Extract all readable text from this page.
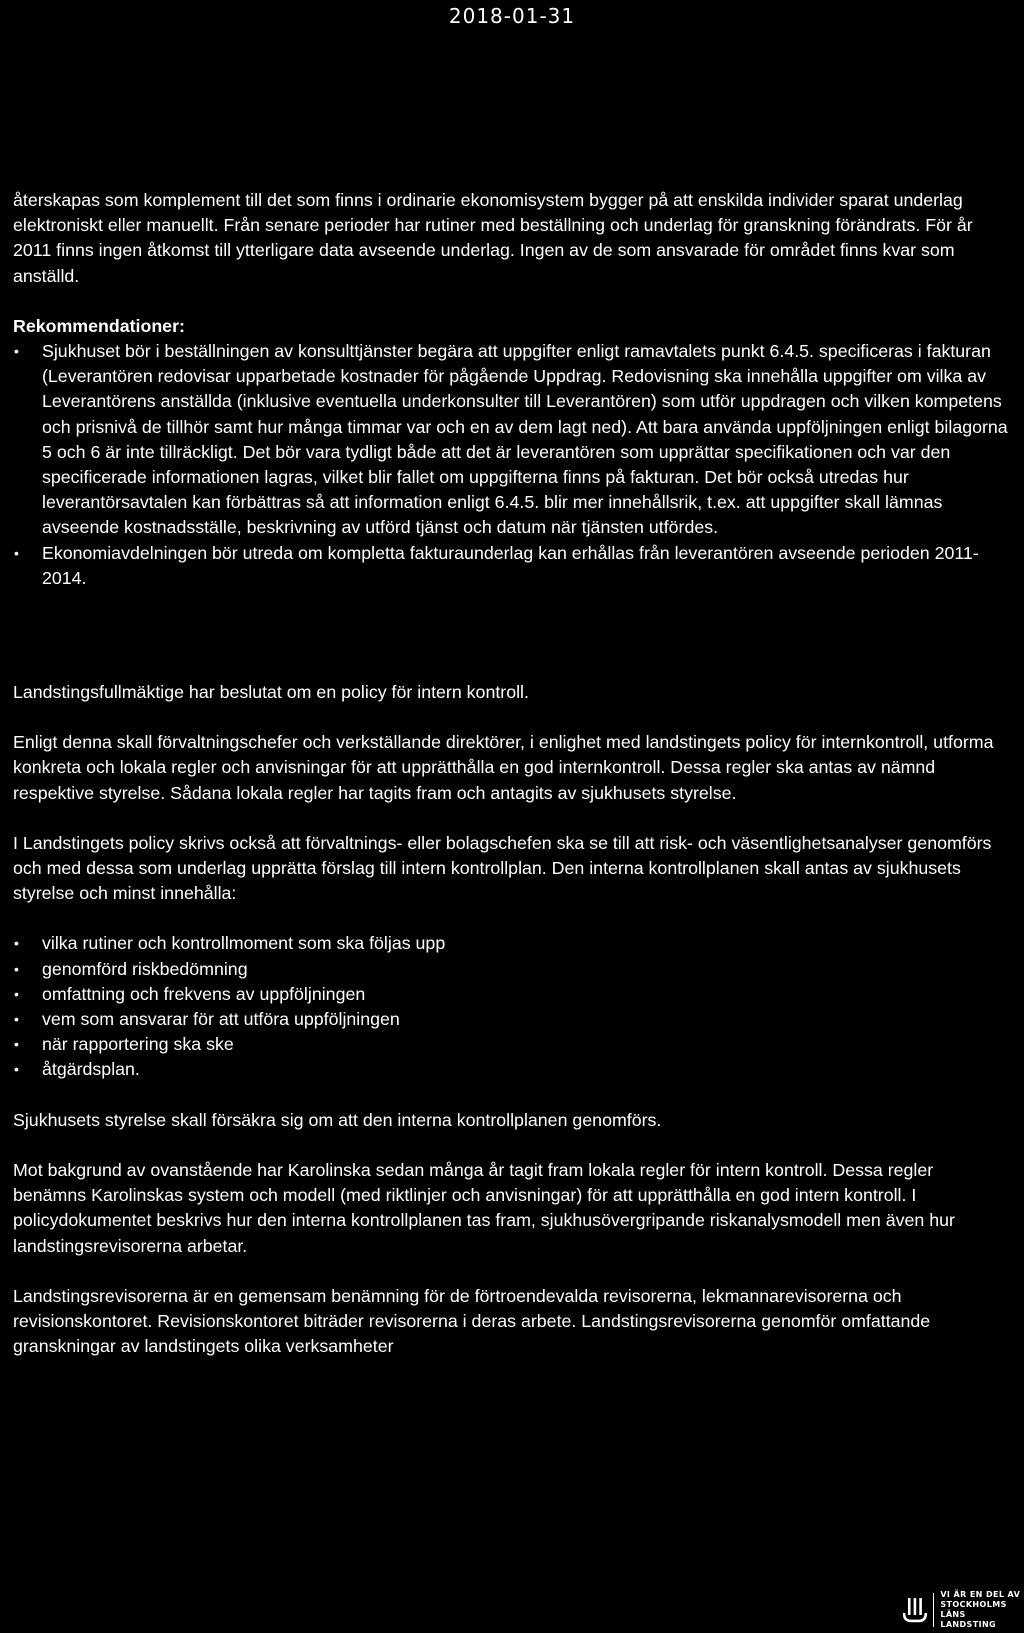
2018-01-31

återskapas som komplement till det som finns i ordinarie ekonomisystem bygger på att enskilda individer sparat underlag elektroniskt eller manuellt. Från senare perioder har rutiner med beställning och underlag för granskning förändrats. För år 2011 finns ingen åtkomst till ytterligare data avseende underlag. Ingen av de som ansvarade för området finns kvar som anställd.

Rekommendationer:

• Sjukhuset bör i beställningen av konsulttjänster begära att uppgifter enligt ramavtalets punkt 6.4.5. specificeras i fakturan (Leverantören redovisar upparbetade kostnader för pågående Uppdrag. Redovisning ska innehålla uppgifter om vilka av Leverantörens anställda (inklusive eventuella underkonsulter till Leverantören) som utför uppdragen och vilken kompetens och prisnivå de tillhör samt hur många timmar var och en av dem lagt ned). Att bara använda uppföljningen enligt bilagorna 5 och 6 är inte tillräckligt. Det bör vara tydligt både att det är leverantören som upprättar specifikationen och var den specificerade informationen lagras, vilket blir fallet om uppgifterna finns på fakturan. Det bör också utredas hur leverantörsavtalen kan förbättras så att information enligt 6.4.5. blir mer innehållsrik, t.ex. att uppgifter skall lämnas avseende kostnadsställe, beskrivning av utförd tjänst och datum när tjänsten utfördes.
• Ekonomiavdelningen bör utreda om kompletta fakturaunderlag kan erhållas från leverantören avseende perioden 2011-2014.

Landstingsfullmäktige har beslutat om en policy för intern kontroll.

Enligt denna skall förvaltningschefer och verkställande direktörer, i enlighet med landstingets policy för internkontroll, utforma konkreta och lokala regler och anvisningar för att upprätthålla en god internkontroll. Dessa regler ska antas av nämnd respektive styrelse. Sådana lokala regler har tagits fram och antagits av sjukhusets styrelse.

I Landstingets policy skrivs också att förvaltnings- eller bolagschefen ska se till att risk- och väsentlighetsanalyser genomförs och med dessa som underlag upprätta förslag till intern kontrollplan. Den interna kontrollplanen skall antas av sjukhusets styrelse och minst innehålla:

• vilka rutiner och kontrollmoment som ska följas upp
• genomförd riskbedömning
• omfattning och frekvens av uppföljningen
• vem som ansvarar för att utföra uppföljningen
• när rapportering ska ske
• åtgärdsplan.

Sjukhusets styrelse skall försäkra sig om att den interna kontrollplanen genomförs.

Mot bakgrund av ovanstående har Karolinska sedan många år tagit fram lokala regler för intern kontroll. Dessa regler benämns Karolinskas system och modell (med riktlinjer och anvisningar) för att upprätthålla en god intern kontroll. I policydokumentet beskrivs hur den interna kontrollplanen tas fram, sjukhusövergripande riskanalysmodell men även hur landstingsrevisorerna arbetar.

Landstingsrevisorerna är en gemensam benämning för de förtroendevalda revisorerna, lekmannarevisorerna och revisionskontoret. Revisionskontoret biträder revisorerna i deras arbete. Landstingsrevisorerna genomför omfattande granskningar av landstingets olika verksamheter

VI ÄR EN DEL AV
STOCKHOLMS
LÄNS LANDSTING
